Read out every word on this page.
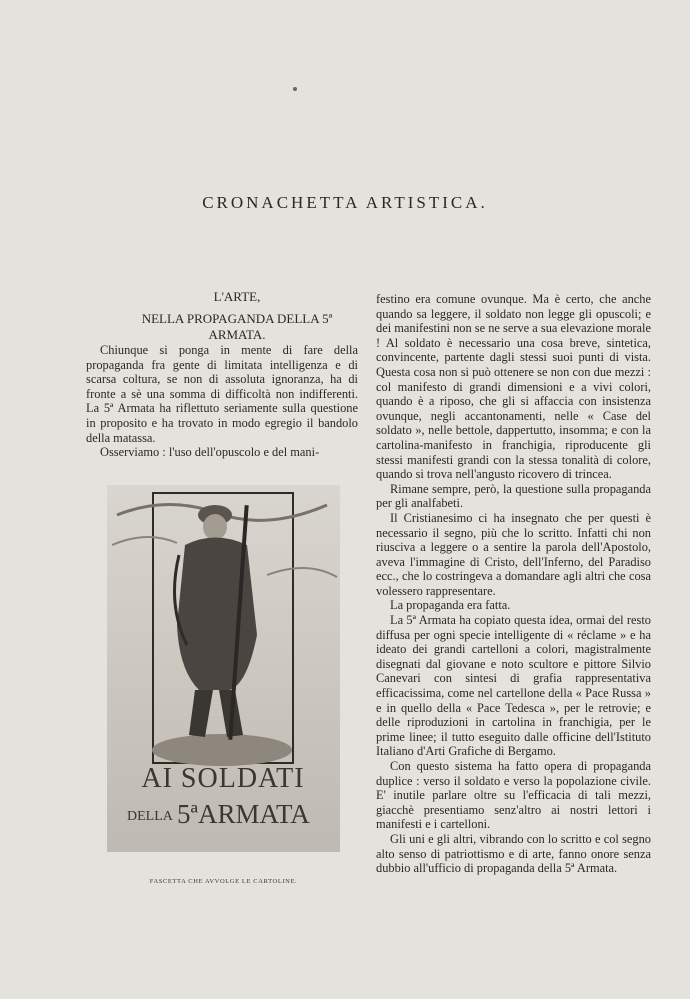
CRONACHETTA ARTISTICA.
L'ARTE,
NELLA PROPAGANDA DELLA 5ª ARMATA.

Chiunque si ponga in mente di fare della propaganda fra gente di limitata intelligenza e di scarsa coltura, se non di assoluta ignoranza, ha di fronte a sè una somma di difficoltà non indifferenti. La 5ª Armata ha riflettuto seriamente sulla questione in proposito e ha trovato in modo egregio il bandolo della matassa.

Osserviamo : l'uso dell'opuscolo e del mani-

AI SOLDATI
DELLA 5ªARMATA
FASCETTA CHE AVVOLGE LE CARTOLINE.

festino era comune ovunque. Ma è certo, che anche quando sa leggere, il soldato non legge gli opuscoli; e dei manifestini non se ne serve a sua elevazione morale ! Al soldato è necessario una cosa breve, sintetica, convincente, partente dagli stessi suoi punti di vista. Questa cosa non si può ottenere se non con due mezzi : col manifesto di grandi dimensioni e a vivi colori, quando è a riposo, che gli si affaccia con insistenza ovunque, negli accantonamenti, nelle « Case del soldato », nelle bettole, dappertutto, insomma; e con la cartolina-manifesto in franchigia, riproducente gli stessi manifesti grandi con la stessa tonalità di colore, quando si trova nell'angusto ricovero di trincea.

Rimane sempre, però, la questione sulla propaganda per gli analfabeti.

Il Cristianesimo ci ha insegnato che per questi è necessario il segno, più che lo scritto. Infatti chi non riusciva a leggere o a sentire la parola dell'Apostolo, aveva l'immagine di Cristo, dell'Inferno, del Paradiso ecc., che lo costringeva a domandare agli altri che cosa volessero rappresentare.

La propaganda era fatta.

La 5ª Armata ha copiato questa idea, ormai del resto diffusa per ogni specie intelligente di « réclame » e ha ideato dei grandi cartelloni a colori, magistralmente disegnati dal giovane e noto scultore e pittore Silvio Canevari con sintesi di grafia rappresentativa efficacissima, come nel cartellone della « Pace Russa » e in quello della « Pace Tedesca », per le retrovie; e delle riproduzioni in cartolina in franchigia, per le prime linee; il tutto eseguito dalle officine dell'Istituto Italiano d'Arti Grafiche di Bergamo.

Con questo sistema ha fatto opera di propaganda duplice : verso il soldato e verso la popolazione civile. E' inutile parlare oltre su l'efficacia di tali mezzi, giacchè presentiamo senz'altro ai nostri lettori i manifesti e i cartelloni.

Gli uni e gli altri, vibrando con lo scritto e col segno alto senso di patriottismo e di arte, fanno onore senza dubbio all'ufficio di propaganda della 5ª Armata.
